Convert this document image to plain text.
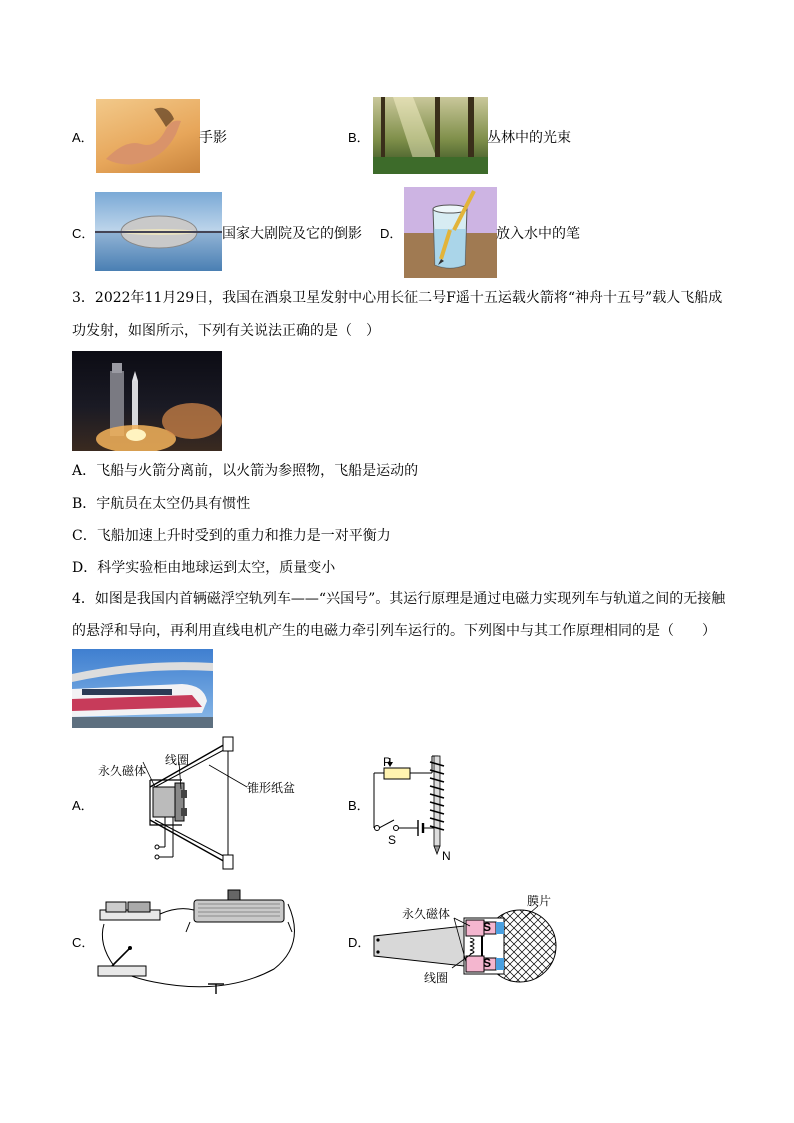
A．	手影	B．	丛林中的光束
C．	国家大剧院及它的倒影 D．	放入水中的笔
3．2022年11月29日，我国在酒泉卫星发射中心用长征二号F遥十五运载火箭将“神舟十五号”载人飞船成
功发射，如图所示，下列有关说法正确的是（　）
A．飞船与火箭分离前，以火箭为参照物，飞船是运动的
B．宇航员在太空仍具有惯性
C．飞船加速上升时受到的重力和推力是一对平衡力
D．科学实验柜由地球运到太空，质量变小
4．如图是我国内首辆磁浮空轨列车——“兴国号”。其运行原理是通过电磁力实现列车与轨道之间的无接触
的悬浮和导向，再利用直线电机产生的电磁力牵引列车运行的。下列图中与其工作原理相同的是（　　）
A．
永久磁体
线圈
锥形纸盆
B．
P
S
N
C．	D．
永久磁体
膜片
线圈
S
S
